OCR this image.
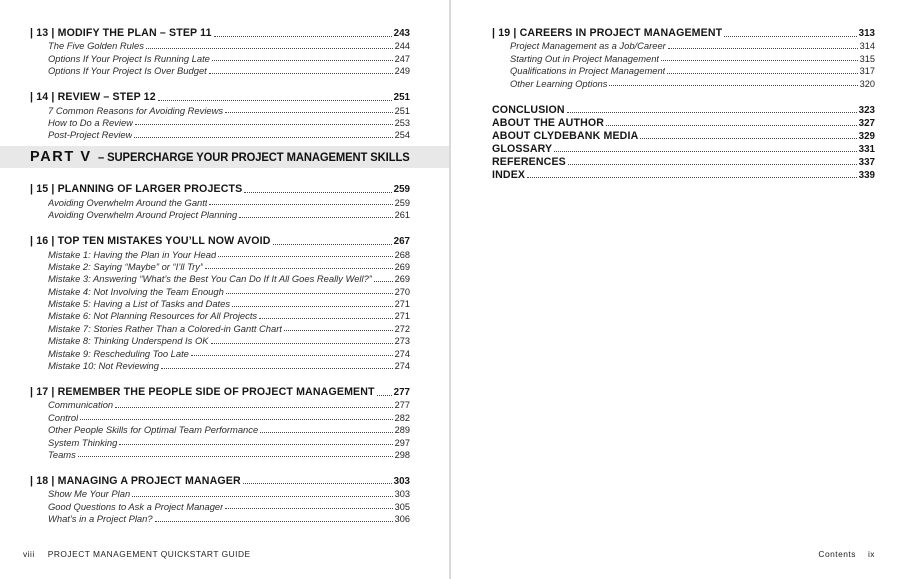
| 13 | MODIFY THE PLAN – STEP 11	243
The Five Golden Rules	244
Options If Your Project Is Running Late	247
Options If Your Project Is Over Budget	249
| 14 | REVIEW – STEP 12	251
7 Common Reasons for Avoiding Reviews	251
How to Do a Review	253
Post-Project Review	254
PART V – SUPERCHARGE YOUR PROJECT MANAGEMENT SKILLS
| 15 | PLANNING OF LARGER PROJECTS	259
Avoiding Overwhelm Around the Gantt	259
Avoiding Overwhelm Around Project Planning	261
| 16 | TOP TEN MISTAKES YOU’LL NOW AVOID	267
Mistake 1: Having the Plan in Your Head	268
Mistake 2: Saying “Maybe” or “I’ll Try”	269
Mistake 3: Answering “What’s the Best You Can Do If It All Goes Really Well?” 269
Mistake 4: Not Involving the Team Enough	270
Mistake 5: Having a List of Tasks and Dates	271
Mistake 6: Not Planning Resources for All Projects	271
Mistake 7: Stories Rather Than a Colored-in Gantt Chart	272
Mistake 8: Thinking Underspend Is OK	273
Mistake 9: Rescheduling Too Late	274
Mistake 10: Not Reviewing	274
| 17 | REMEMBER THE PEOPLE SIDE OF PROJECT MANAGEMENT 277
Communication	277
Control	282
Other People Skills for Optimal Team Performance	289
System Thinking	297
Teams	298
| 18 | MANAGING A PROJECT MANAGER	303
Show Me Your Plan	303
Good Questions to Ask a Project Manager	305
What’s in a Project Plan?	306
| 19 | CAREERS IN PROJECT MANAGEMENT	313
Project Management as a Job/Career	314
Starting Out in Project Management	315
Qualifications in Project Management	317
Other Learning Options	320
CONCLUSION	323
ABOUT THE AUTHOR	327
ABOUT CLYDEBANK MEDIA	329
GLOSSARY	331
REFERENCES	337
INDEX	339
viii PROJECT MANAGEMENT QUICKSTART GUIDE	Contents ix
